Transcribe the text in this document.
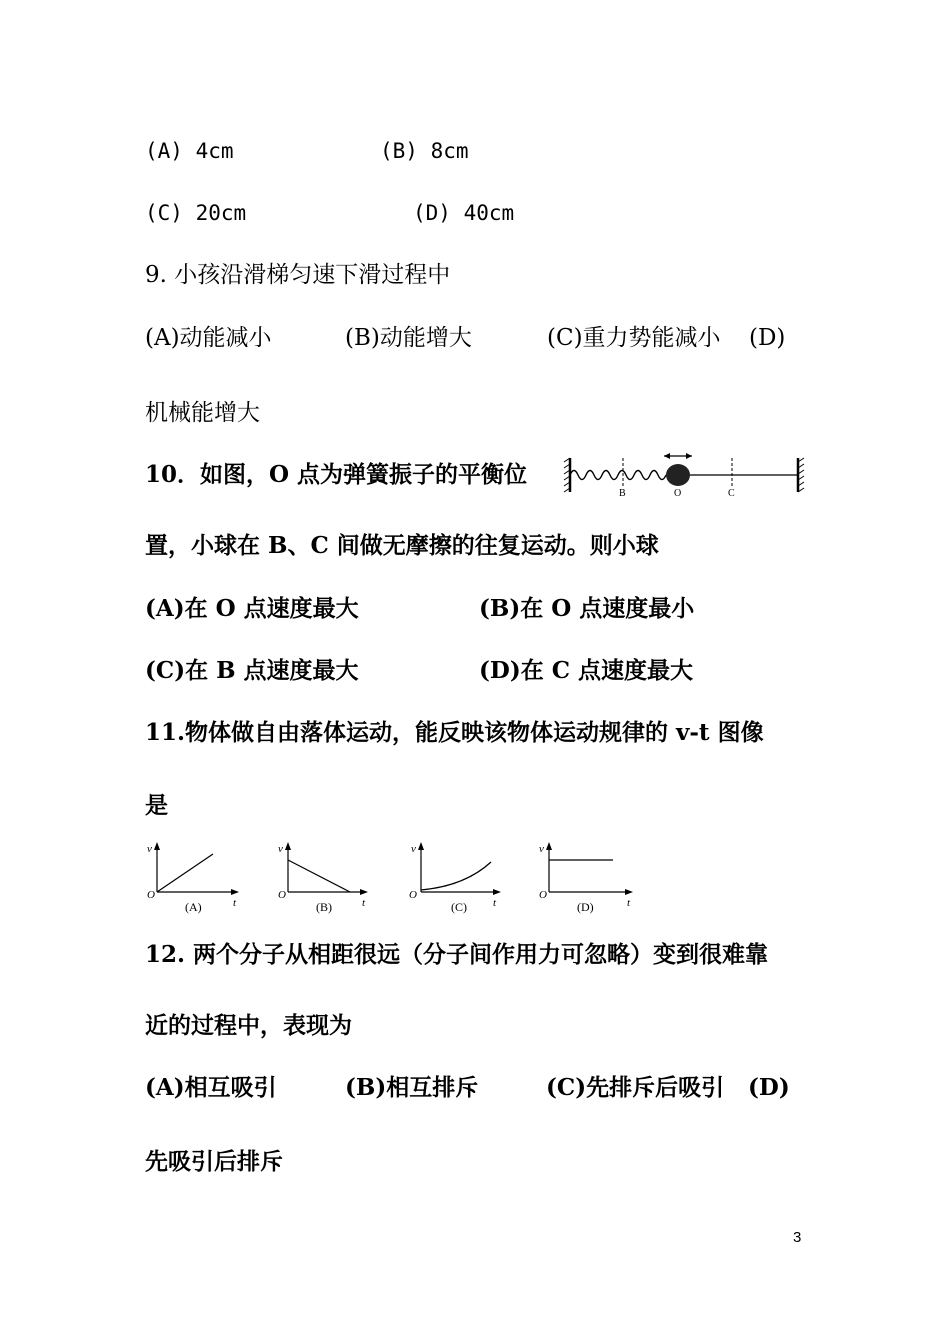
(A) 4cm	(B) 8cm
(C) 20cm	(D) 40cm
9. 小孩沿滑梯匀速下滑过程中
(A)动能减小	(B)动能增大	(C)重力势能减小 (D)
机械能增大
10．如图，O 点为弹簧振子的平衡位
B	O	C
置，小球在 B、C 间做无摩擦的往复运动。则小球
(A)在 O 点速度最大	(B)在 O 点速度最小
(C)在 B 点速度最大	(D)在 C 点速度最大
11.物体做自由落体运动，能反映该物体运动规律的 v-t 图像
是
v
t
O
(A)
v
t
O
(B)
v
t
O
(C)
v
t
O
(D)
12. 两个分子从相距很远（分子间作用力可忽略）变到很难靠
近的过程中，表现为
(A)相互吸引	(B)相互排斥	(C)先排斥后吸引 (D)
先吸引后排斥
3
